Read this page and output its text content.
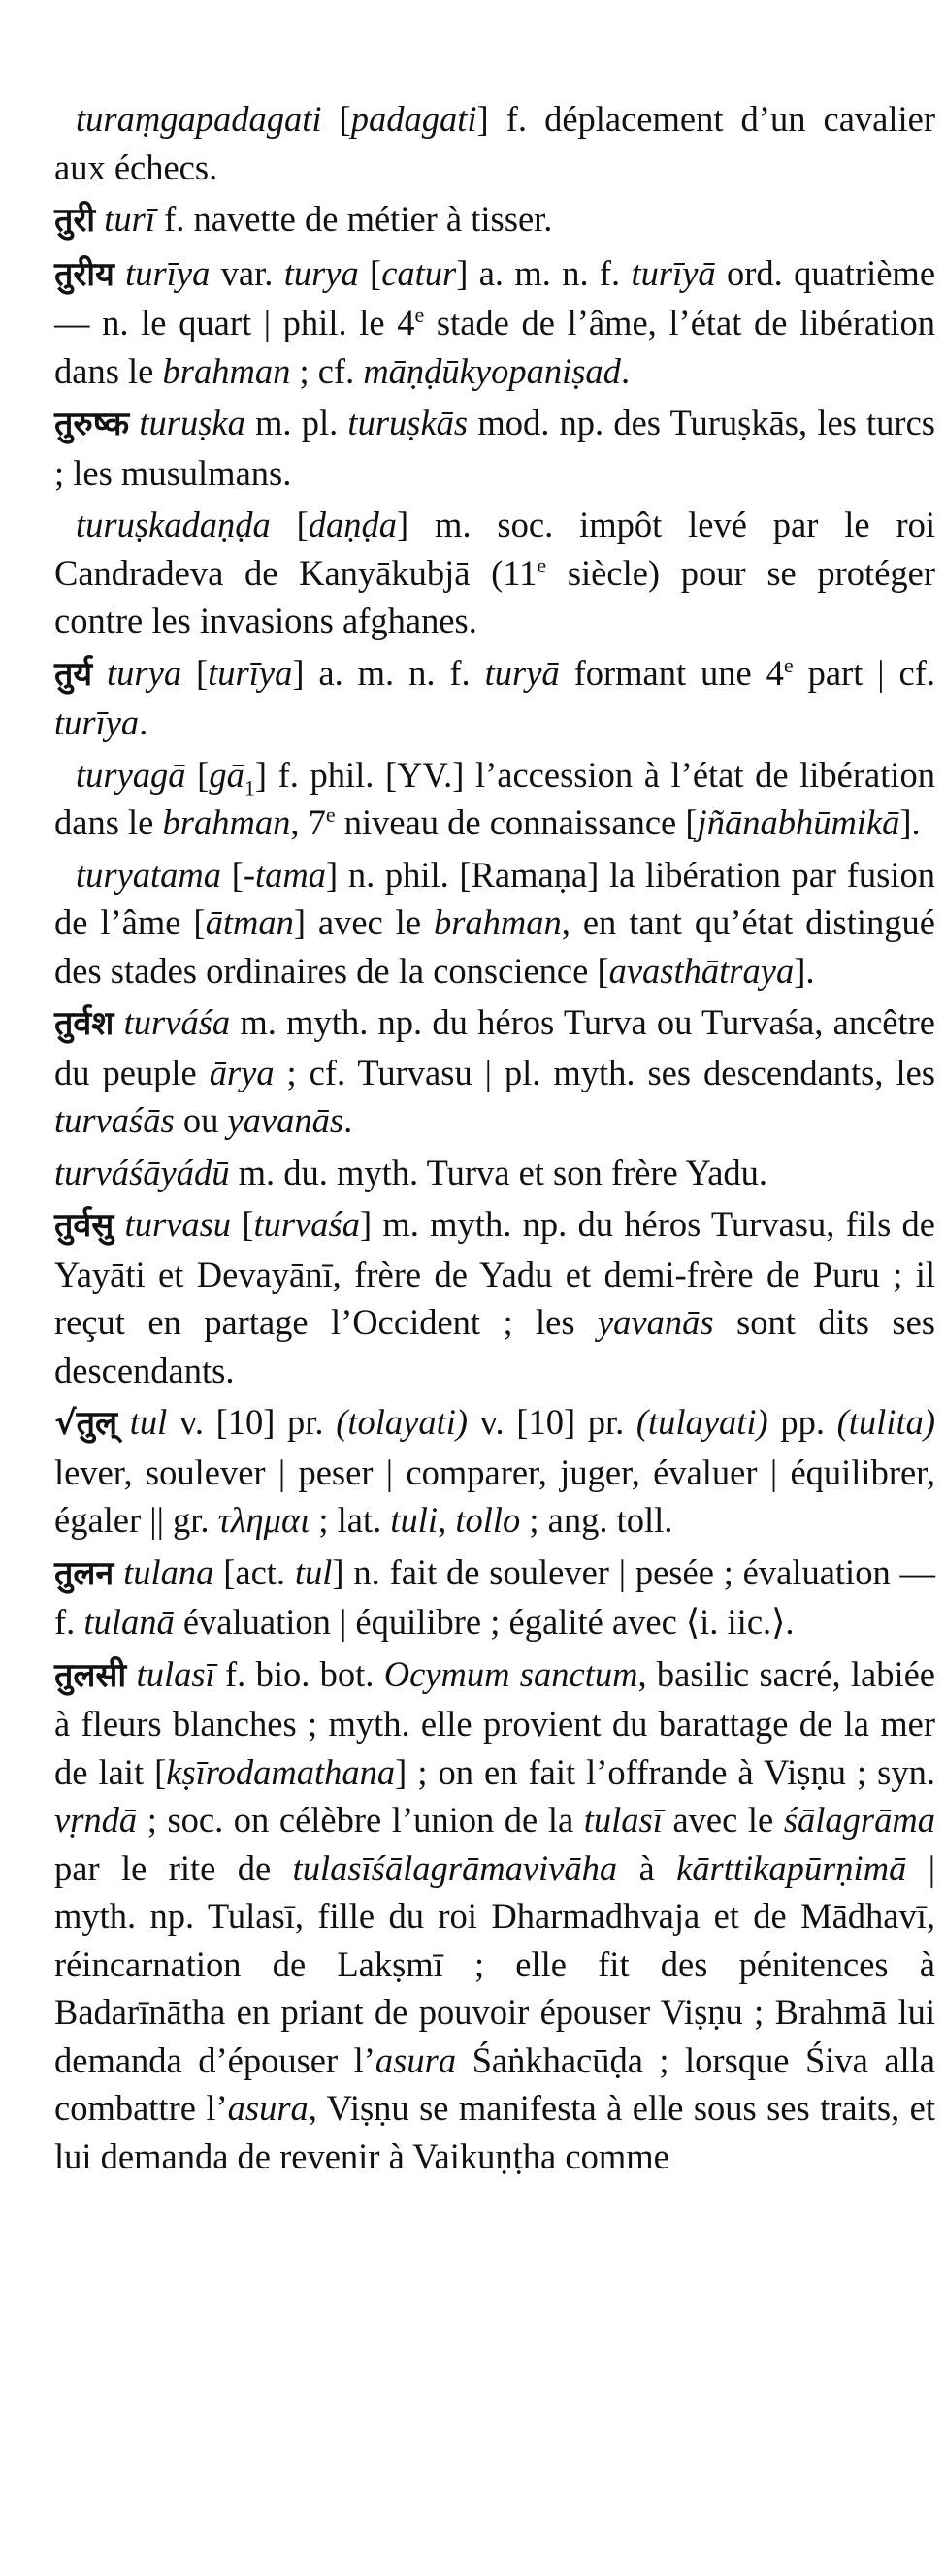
turaṃgapadagati [padagati] f. déplacement d’un cavalier aux échecs.

तुरी turī f. navette de métier à tisser.

तुरीय turīya var. turya [catur] a. m. n. f. turīyā ord. quatrième — n. le quart | phil. le 4e stade de l’âme, l’état de libération dans le brahman ; cf. māṇḍūkyopaniṣad.

तुरुष्क turuṣka m. pl. turuṣkās mod. np. des Turuṣkās, les turcs ; les musulmans.

turuṣkadaṇḍa [daṇḍa] m. soc. impôt levé par le roi Candradeva de Kanyākubjā (11e siècle) pour se protéger contre les invasions afghanes.

तुर्य turya [turīya] a. m. n. f. turyā formant une 4e part | cf. turīya.

turyagā $[gā_1]$ f. phil. [YV.] l’accession à l’état de libération dans le brahman, 7e niveau de connaissance [jñānabhūmikā].

turyatama [-tama] n. phil. [Ramaṇa] la libération par fusion de l’âme [ātman] avec le brahman, en tant qu’état distingué des stades ordinaires de la conscience [avasthātraya].

तुर्वश turváśa m. myth. np. du héros Turva ou Turvaśa, ancêtre du peuple ārya ; cf. Turvasu | pl. myth. ses descendants, les turvaśās ou yavanās.

turváśāyádū m. du. myth. Turva et son frère Yadu.

तुर्वसु turvasu [turvaśa] m. myth. np. du héros Turvasu, fils de Yayāti et Devayānī, frère de Yadu et demi-frère de Puru ; il reçut en partage l’Occident ; les yavanās sont dits ses descendants.

√तुल् tul v. [10] pr. (tolayati) v. [10] pr. (tulayati) pp. (tulita) lever, soulever | peser | comparer, juger, évaluer | équilibrer, égaler || gr. τλημαι ; lat. tuli, tollo ; ang. toll.

तुलन tulana [act. tul] n. fait de soulever | pesée ; évaluation — f. tulanā évaluation | équilibre ; égalité avec ⟨i. iic.⟩.

तुलसी tulasī f. bio. bot. Ocymum sanctum, basilic sacré, labiée à fleurs blanches ; myth. elle provient du barattage de la mer de lait [kṣīrodamathana] ; on en fait l’offrande à Viṣṇu ; syn. vṛndā ; soc. on célèbre l’union de la tulasī avec le śālagrāma par le rite de tulasīśālagrāmavivāha à kārttikapūrṇimā | myth. np. Tulasī, fille du roi Dharmadhvaja et de Mādhavī, réincarnation de Lakṣmī ; elle fit des pénitences à Badarīnātha en priant de pouvoir épouser Viṣṇu ; Brahmā lui demanda d’épouser l’asura Śaṅkhacūḍa ; lorsque Śiva alla combattre l’asura, Viṣṇu se manifesta à elle sous ses traits, et lui demanda de revenir à Vaikuṇṭha comme
